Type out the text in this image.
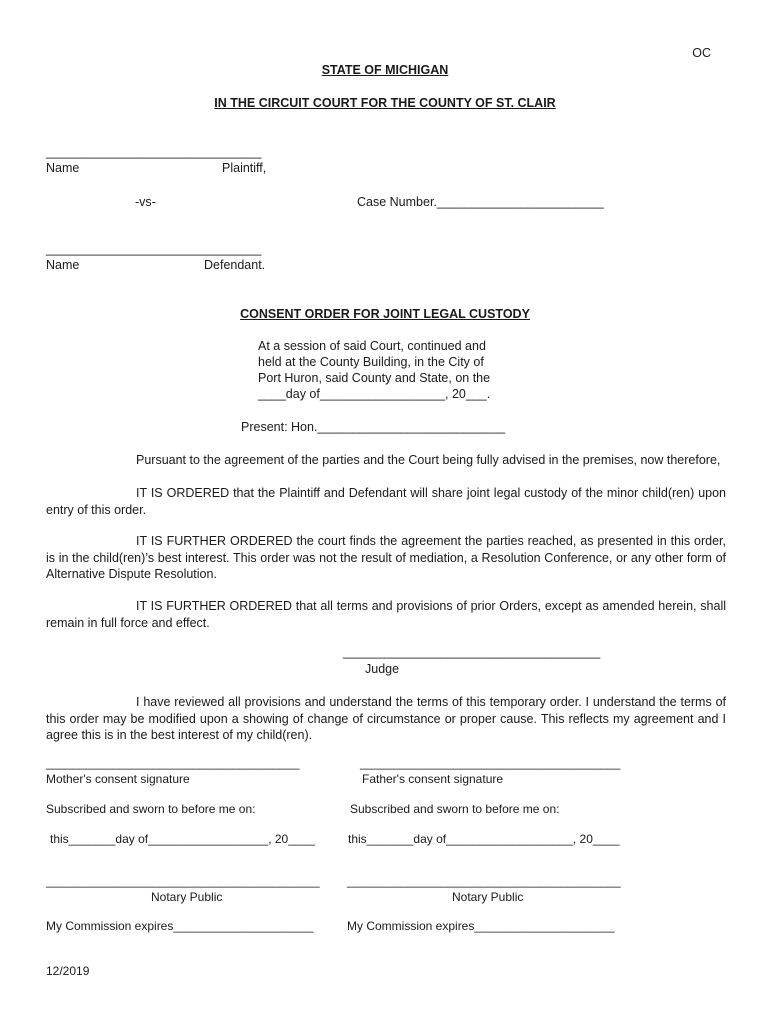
OC
STATE OF MICHIGAN
IN THE CIRCUIT COURT FOR THE COUNTY OF ST. CLAIR
_______________________________
Name	Plaintiff,
-vs-	Case Number.________________________
_______________________________
Name	Defendant.
CONSENT ORDER FOR JOINT LEGAL CUSTODY
At a session of said Court, continued and
held at the County Building, in the City of
Port Huron, said County and State, on the
____day of__________________, 20___.
Present: Hon.___________________________
Pursuant to the agreement of the parties and the Court being fully advised in the premises, now therefore,
IT IS ORDERED that the Plaintiff and Defendant will share joint legal custody of the minor child(ren) upon entry of this order.
IT IS FURTHER ORDERED the court finds the agreement the parties reached, as presented in this order, is in the child(ren)’s best interest. This order was not the result of mediation, a Resolution Conference, or any other form of Alternative Dispute Resolution.
IT IS FURTHER ORDERED that all terms and provisions of prior Orders, except as amended herein, shall remain in full force and effect.
_____________________________________
Judge
I have reviewed all provisions and understand the terms of this temporary order. I understand the terms of this order may be modified upon a showing of change of circumstance or proper cause. This reflects my agreement and I agree this is in the best interest of my child(ren).
______________________________________
Mother's consent signature
Subscribed and sworn to before me on:
this_______day of__________________, 20____
_________________________________________
Notary Public
My Commission expires_____________________
_______________________________________
Father's consent signature
Subscribed and sworn to before me on:
this_______day of___________________, 20____
_________________________________________
Notary Public
My Commission expires_____________________
12/2019
